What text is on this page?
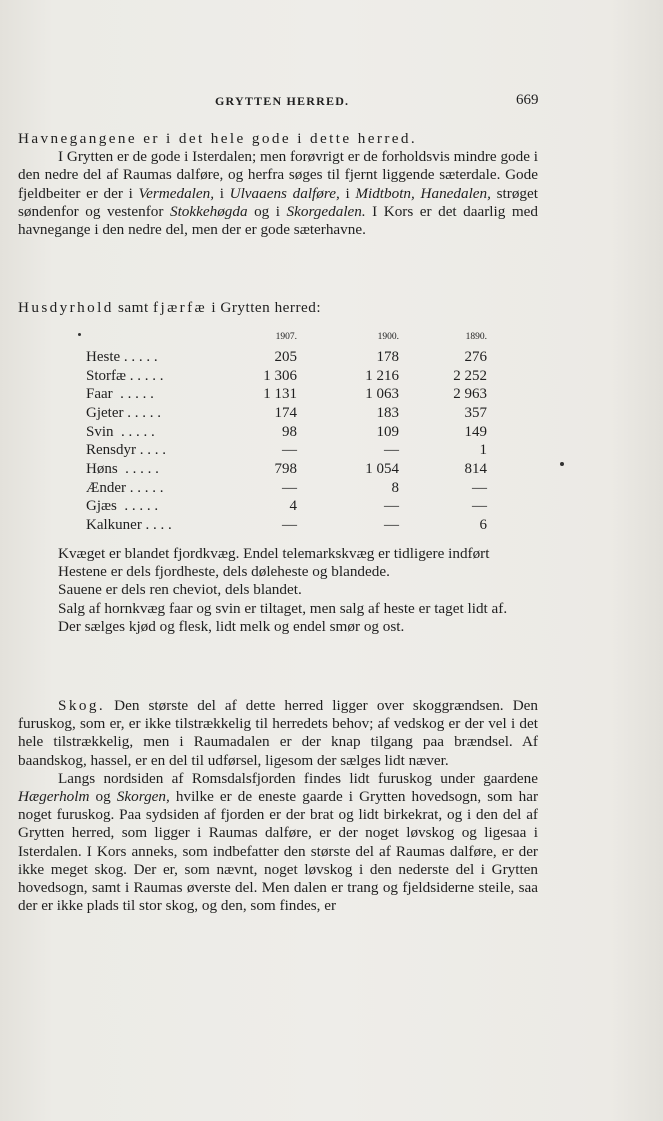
GRYTTEN HERRED.	669

Havnegangene er i det hele gode i dette herred.

I Grytten er de gode i Isterdalen; men forøvrigt er de forholdsvis mindre gode i den nedre del af Raumas dalføre, og herfra søges til fjernt liggende sæterdale. Gode fjeldbeiter er der i Vermedalen, i Ulvaaens dalføre, i Midtbotn, Hanedalen, strøget søndenfor og vestenfor Stokkehøgda og i Skorgedalen. I Kors er det daarlig med havnegange i den nedre del, men der er gode sæterhavne.

Husdyrhold samt fjærfæ i Grytten herred:
	1907.	1900.	1890.
Heste . . . . .	205	178	276
Storfæ . . . . .	1 306	1 216	2 252
Faar  . . . . .	1 131	1 063	2 963
Gjeter . . . . .	174	183	357
Svin  . . . . .	98	109	149
Rensdyr . . . .	—	—	1
Høns  . . . . .	798	1 054	814
Ænder . . . . .	—	8	—
Gjæs  . . . . .	4	—	—
Kalkuner . . . .	—	—	6

Kvæget er blandet fjordkvæg. Endel telemarkskvæg er tidligere indført

Hestene er dels fjordheste, dels døleheste og blandede.

Sauene er dels ren cheviot, dels blandet.

Salg af hornkvæg faar og svin er tiltaget, men salg af heste er taget lidt af.

Der sælges kjød og flesk, lidt melk og endel smør og ost.

Skog. Den største del af dette herred ligger over skoggrændsen. Den furuskog, som er, er ikke tilstrækkelig til herredets behov; af vedskog er der vel i det hele tilstrækkelig, men i Raumadalen er der knap tilgang paa brændsel. Af baandskog, hassel, er en del til udførsel, ligesom der sælges lidt næver.

Langs nordsiden af Romsdalsfjorden findes lidt furuskog under gaardene Hægerholm og Skorgen, hvilke er de eneste gaarde i Grytten hovedsogn, som har noget furuskog. Paa sydsiden af fjorden er der brat og lidt birkekrat, og i den del af Grytten herred, som ligger i Raumas dalføre, er der noget løvskog og ligesaa i Isterdalen. I Kors anneks, som indbefatter den største del af Raumas dalføre, er der ikke meget skog. Der er, som nævnt, noget løvskog i den nederste del i Grytten hovedsogn, samt i Raumas øverste del. Men dalen er trang og fjeldsiderne steile, saa der er ikke plads til stor skog, og den, som findes, er
